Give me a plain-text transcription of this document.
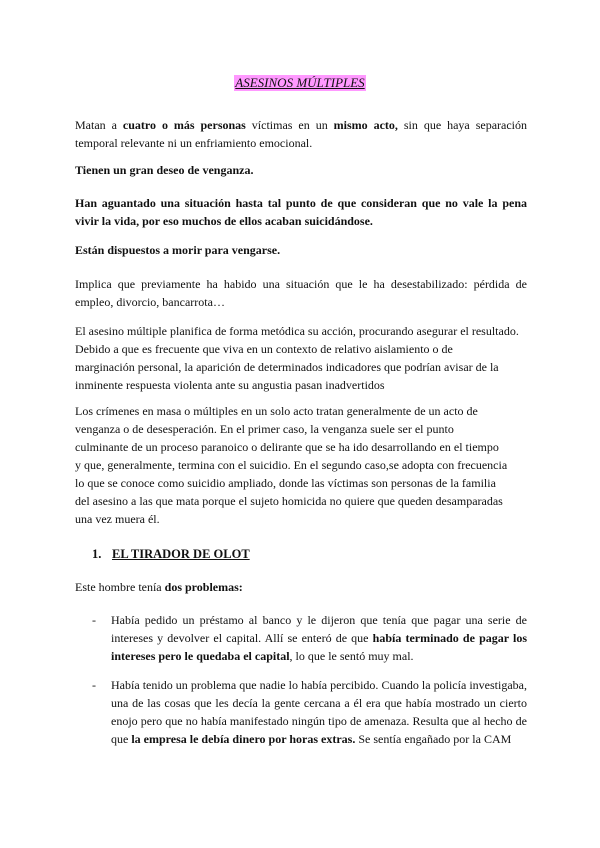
ASESINOS MÚLTIPLES
Matan a cuatro o más personas víctimas en un mismo acto, sin que haya separación temporal relevante ni un enfriamiento emocional.
Tienen un gran deseo de venganza.
Han aguantado una situación hasta tal punto de que consideran que no vale la pena vivir la vida, por eso muchos de ellos acaban suicidándose.
Están dispuestos a morir para vengarse.
Implica que previamente ha habido una situación que le ha desestabilizado: pérdida de empleo, divorcio, bancarrota…
El asesino múltiple planifica de forma metódica su acción, procurando asegurar el resultado.
Debido a que es frecuente que viva en un contexto de relativo aislamiento o de
marginación personal, la aparición de determinados indicadores que podrían avisar de la
inminente respuesta violenta ante su angustia pasan inadvertidos
Los crímenes en masa o múltiples en un solo acto tratan generalmente de un acto de
venganza o de desesperación. En el primer caso, la venganza suele ser el punto
culminante de un proceso paranoico o delirante que se ha ido desarrollando en el tiempo
y que, generalmente, termina con el suicidio. En el segundo caso,se adopta con frecuencia
lo que se conoce como suicidio ampliado, donde las víctimas son personas de la familia
del asesino a las que mata porque el sujeto homicida no quiere que queden desamparadas
una vez muera él.
1. EL TIRADOR DE OLOT
Este hombre tenía dos problemas:
- Había pedido un préstamo al banco y le dijeron que tenía que pagar una serie de intereses y devolver el capital. Allí se enteró de que había terminado de pagar los intereses pero le quedaba el capital, lo que le sentó muy mal.
- Había tenido un problema que nadie lo había percibido. Cuando la policía investigaba, una de las cosas que les decía la gente cercana a él era que había mostrado un cierto enojo pero que no había manifestado ningún tipo de amenaza. Resulta que al hecho de que la empresa le debía dinero por horas extras. Se sentía engañado por la CAM
